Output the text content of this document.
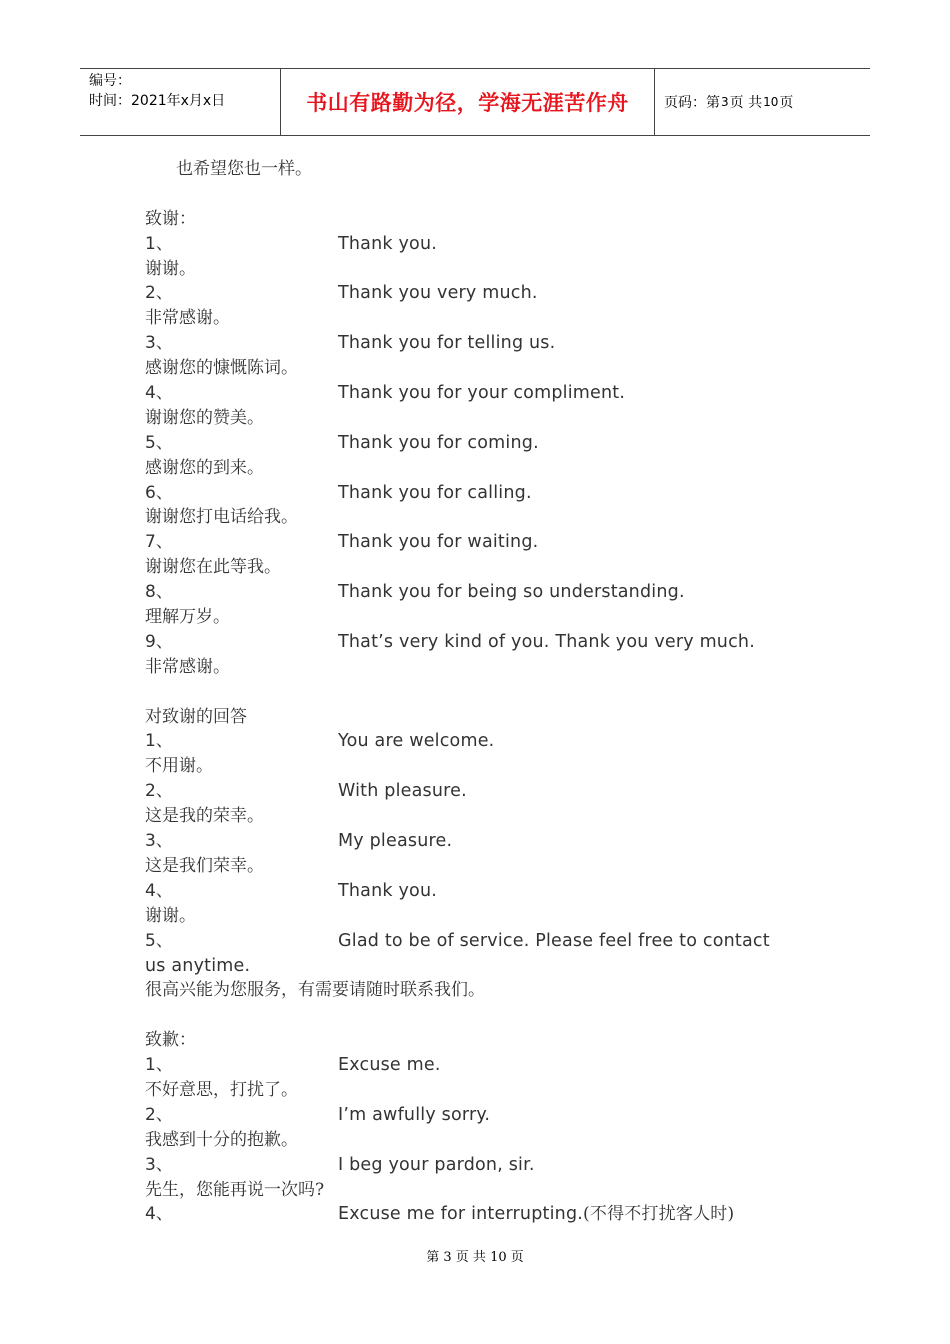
编号：
时间：2021年x月x日	书山有路勤为径，学海无涯苦作舟	页码：第 3 页 共 10 页
也希望您也一样。
致谢：
1、	Thank you.
谢谢。
2、	Thank you very much.
非常感谢。
3、	Thank you for telling us.
感谢您的慷慨陈词。
4、	Thank you for your compliment.
谢谢您的赞美。
5、	Thank you for coming.
感谢您的到来。
6、	Thank you for calling.
谢谢您打电话给我。
7、	Thank you for waiting.
谢谢您在此等我。
8、	Thank you for being so understanding.
理解万岁。
9、	That’s very kind of you. Thank you very much.
非常感谢。
对致谢的回答
1、	You are welcome.
不用谢。
2、	With pleasure.
这是我的荣幸。
3、	My pleasure.
这是我们荣幸。
4、	Thank you.
谢谢。
5、	Glad to be of service. Please feel free to contact
us anytime.
很高兴能为您服务，有需要请随时联系我们。
致歉：
1、	Excuse me.
不好意思，打扰了。
2、	I’m awfully sorry.
我感到十分的抱歉。
3、	I beg your pardon, sir.
先生，您能再说一次吗?
4、	Excuse me for interrupting.(不得不打扰客人时)
第 3 页 共 10 页
